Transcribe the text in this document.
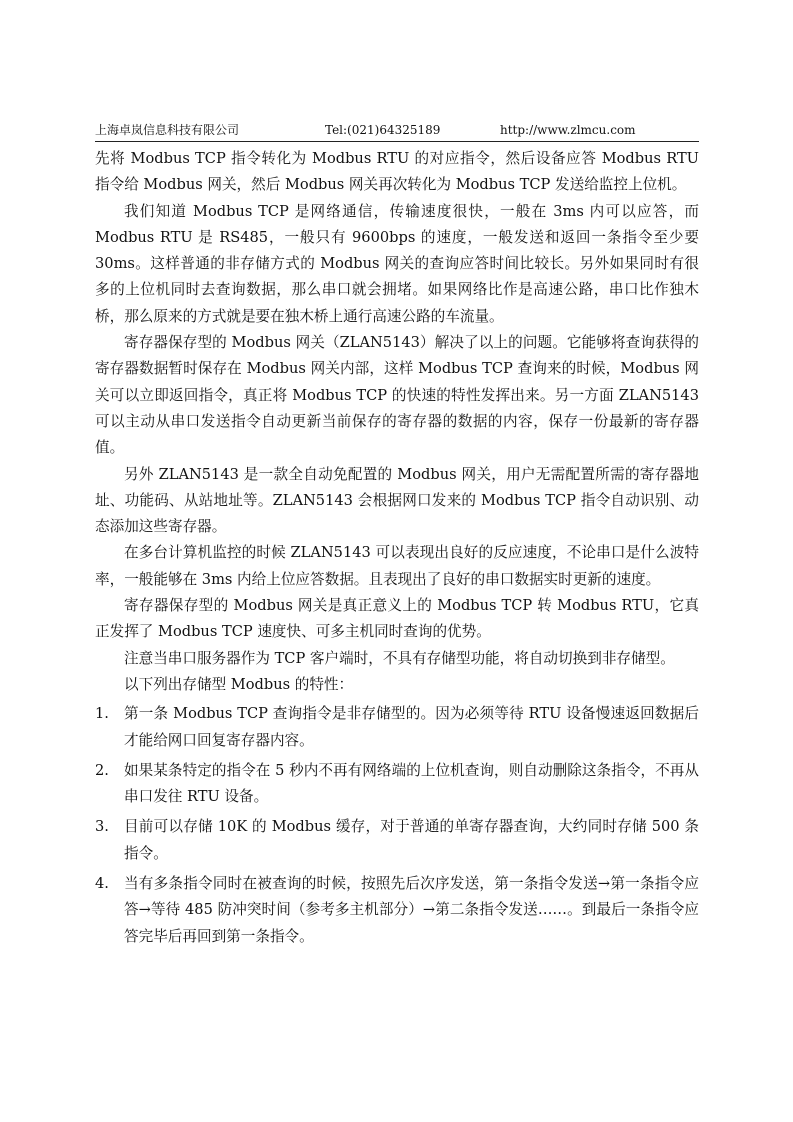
上海卓岚信息科技有限公司	Tel:(021)64325189	http://www.zlmcu.com

先将 Modbus TCP 指令转化为 Modbus RTU 的对应指令，然后设备应答 Modbus RTU 指令给 Modbus 网关，然后 Modbus 网关再次转化为 Modbus TCP 发送给监控上位机。

我们知道 Modbus TCP 是网络通信，传输速度很快，一般在 3ms 内可以应答，而 Modbus RTU 是 RS485，一般只有 9600bps 的速度，一般发送和返回一条指令至少要 30ms。这样普通的非存储方式的 Modbus 网关的查询应答时间比较长。另外如果同时有很多的上位机同时去查询数据，那么串口就会拥堵。如果网络比作是高速公路，串口比作独木桥，那么原来的方式就是要在独木桥上通行高速公路的车流量。

寄存器保存型的 Modbus 网关（ZLAN5143）解决了以上的问题。它能够将查询获得的寄存器数据暂时保存在 Modbus 网关内部，这样 Modbus TCP 查询来的时候，Modbus 网关可以立即返回指令，真正将 Modbus TCP 的快速的特性发挥出来。另一方面 ZLAN5143 可以主动从串口发送指令自动更新当前保存的寄存器的数据的内容，保存一份最新的寄存器值。

另外 ZLAN5143 是一款全自动免配置的 Modbus 网关，用户无需配置所需的寄存器地址、功能码、从站地址等。ZLAN5143 会根据网口发来的 Modbus TCP 指令自动识别、动态添加这些寄存器。

在多台计算机监控的时候 ZLAN5143 可以表现出良好的反应速度，不论串口是什么波特率，一般能够在 3ms 内给上位应答数据。且表现出了良好的串口数据实时更新的速度。

寄存器保存型的 Modbus 网关是真正意义上的 Modbus TCP 转 Modbus RTU，它真正发挥了 Modbus TCP 速度快、可多主机同时查询的优势。

注意当串口服务器作为 TCP 客户端时，不具有存储型功能，将自动切换到非存储型。

以下列出存储型 Modbus 的特性：

1. 第一条 Modbus TCP 查询指令是非存储型的。因为必须等待 RTU 设备慢速返回数据后才能给网口回复寄存器内容。
2. 如果某条特定的指令在 5 秒内不再有网络端的上位机查询，则自动删除这条指令，不再从串口发往 RTU 设备。
3. 目前可以存储 10K 的 Modbus 缓存，对于普通的单寄存器查询，大约同时存储 500 条指令。
4. 当有多条指令同时在被查询的时候，按照先后次序发送，第一条指令发送→第一条指令应答→等待 485 防冲突时间（参考多主机部分）→第二条指令发送……。到最后一条指令应答完毕后再回到第一条指令。
